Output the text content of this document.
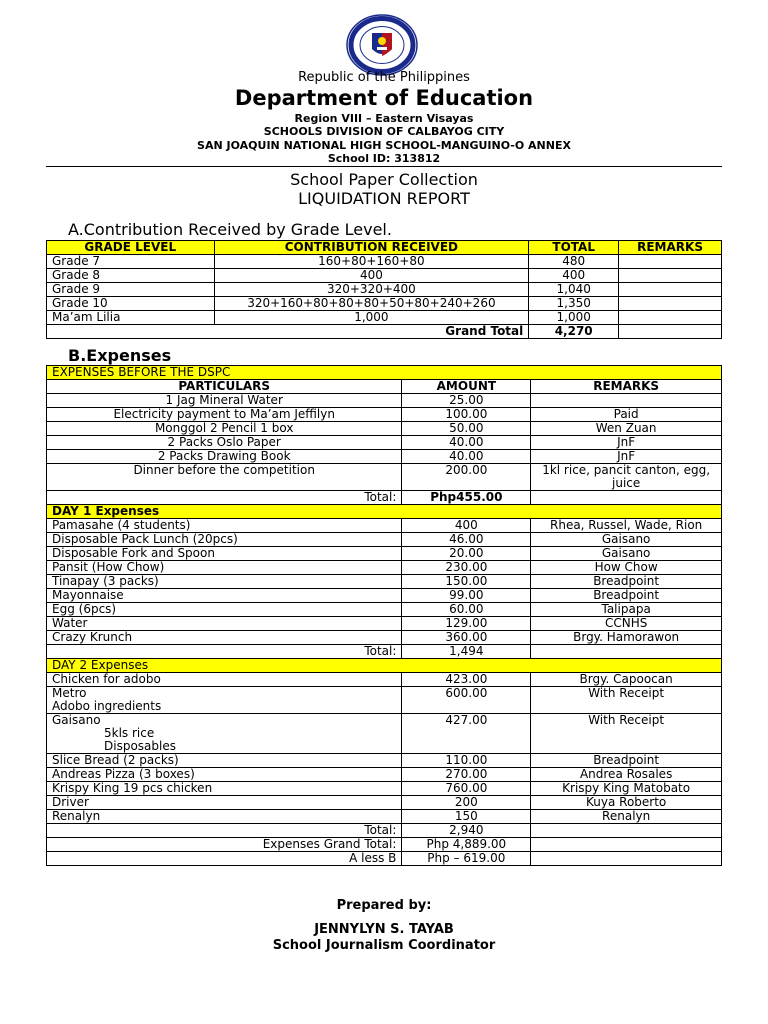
Republic of the Philippines
Department of Education
Region VIII – Eastern Visayas
SCHOOLS DIVISION OF CALBAYOG CITY
SAN JOAQUIN NATIONAL HIGH SCHOOL-MANGUINO-O ANNEX
School ID: 313812
School Paper Collection
LIQUIDATION REPORT
A.Contribution Received by Grade Level.
GRADE LEVEL	CONTRIBUTION RECEIVED	TOTAL	REMARKS
Grade 7	160+80+160+80	480	
Grade 8	400	400	
Grade 9	320+320+400	1,040	
Grade 10	320+160+80+80+80+50+80+240+260	1,350	
Ma’am Lilia	1,000	1,000	
	Grand Total	4,270	
B.Expenses
EXPENSES BEFORE THE DSPC		
PARTICULARS	AMOUNT	REMARKS
1 Jag Mineral Water	25.00	
Electricity payment to Ma’am Jeffilyn	100.00	Paid
Monggol 2 Pencil 1 box	50.00	Wen Zuan
2 Packs Oslo Paper	40.00	JnF
2 Packs Drawing Book	40.00	JnF
Dinner before the competition	200.00	1kl rice, pancit canton, egg, juice
Total:	Php455.00	
DAY 1 Expenses		
Pamasahe (4 students)	400	Rhea, Russel, Wade, Rion
Disposable Pack Lunch (20pcs)	46.00	Gaisano
Disposable Fork and Spoon	20.00	Gaisano
Pansit (How Chow)	230.00	How Chow
Tinapay (3 packs)	150.00	Breadpoint
Mayonnaise	99.00	Breadpoint
Egg (6pcs)	60.00	Talipapa
Water	129.00	CCNHS
Crazy Krunch	360.00	Brgy. Hamorawon
Total:	1,494	
DAY 2 Expenses		
Chicken for adobo	423.00	Brgy. Capoocan

Metro
Adobo ingredients	600.00	With Receipt

Gaisano
5kls rice
Disposables	427.00	With Receipt
Slice Bread (2 packs)	110.00	Breadpoint
Andreas Pizza (3 boxes)	270.00	Andrea Rosales
Krispy King 19 pcs chicken	760.00	Krispy King Matobato
Driver	200	Kuya Roberto
Renalyn	150	Renalyn
Total:	2,940	
Expenses Grand Total:	Php 4,889.00	
A less B	Php – 619.00	
Prepared by:
JENNYLYN S. TAYAB
School Journalism Coordinator
